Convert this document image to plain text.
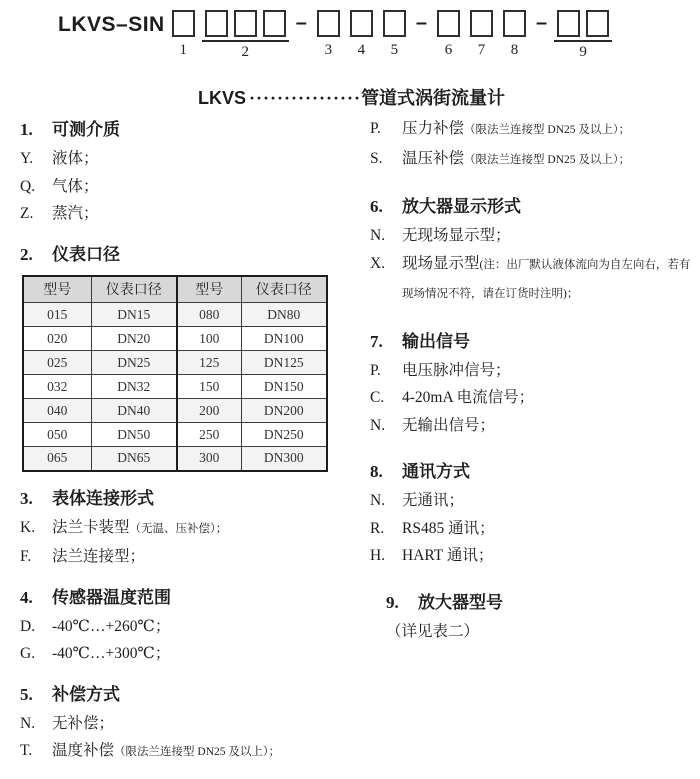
LKVS–SIN
1	2
–
3 4 5
–
6 7 8
–
9
LKVS ················管道式涡街流量计
1.	可测介质
Y.	液体；
Q.	气体；
Z.	蒸汽；
2.	仪表口径
型号	仪表口径	型号	仪表口径
015	DN15	080	DN80
020	DN20	100	DN100
025	DN25	125	DN125
032	DN32	150	DN150
040	DN40	200	DN200
050	DN50	250	DN250
065	DN65	300	DN300
3.	表体连接形式
K.	法兰卡装型（无温、压补偿）；
F.	法兰连接型；
4.	传感器温度范围
D.	-40℃…+260℃；
G.	-40℃…+300℃；
5.	补偿方式
N.	无补偿；
T.	温度补偿（限法兰连接型 DN25 及以上）；
P.	压力补偿（限法兰连接型 DN25 及以上）；
S.	温压补偿（限法兰连接型 DN25 及以上）；
6.	放大器显示形式
N.	无现场显示型；
X.	现场显示型(注：出厂默认液体流向为自左向右，若有现场情况不符，请在订货时注明)；
7.	输出信号
P.	电压脉冲信号；
C.	4-20mA 电流信号；
N.	无输出信号；
8.	通讯方式
N.	无通讯；
R.	RS485 通讯；
H.	HART 通讯；
9.	放大器型号
（详见表二）
